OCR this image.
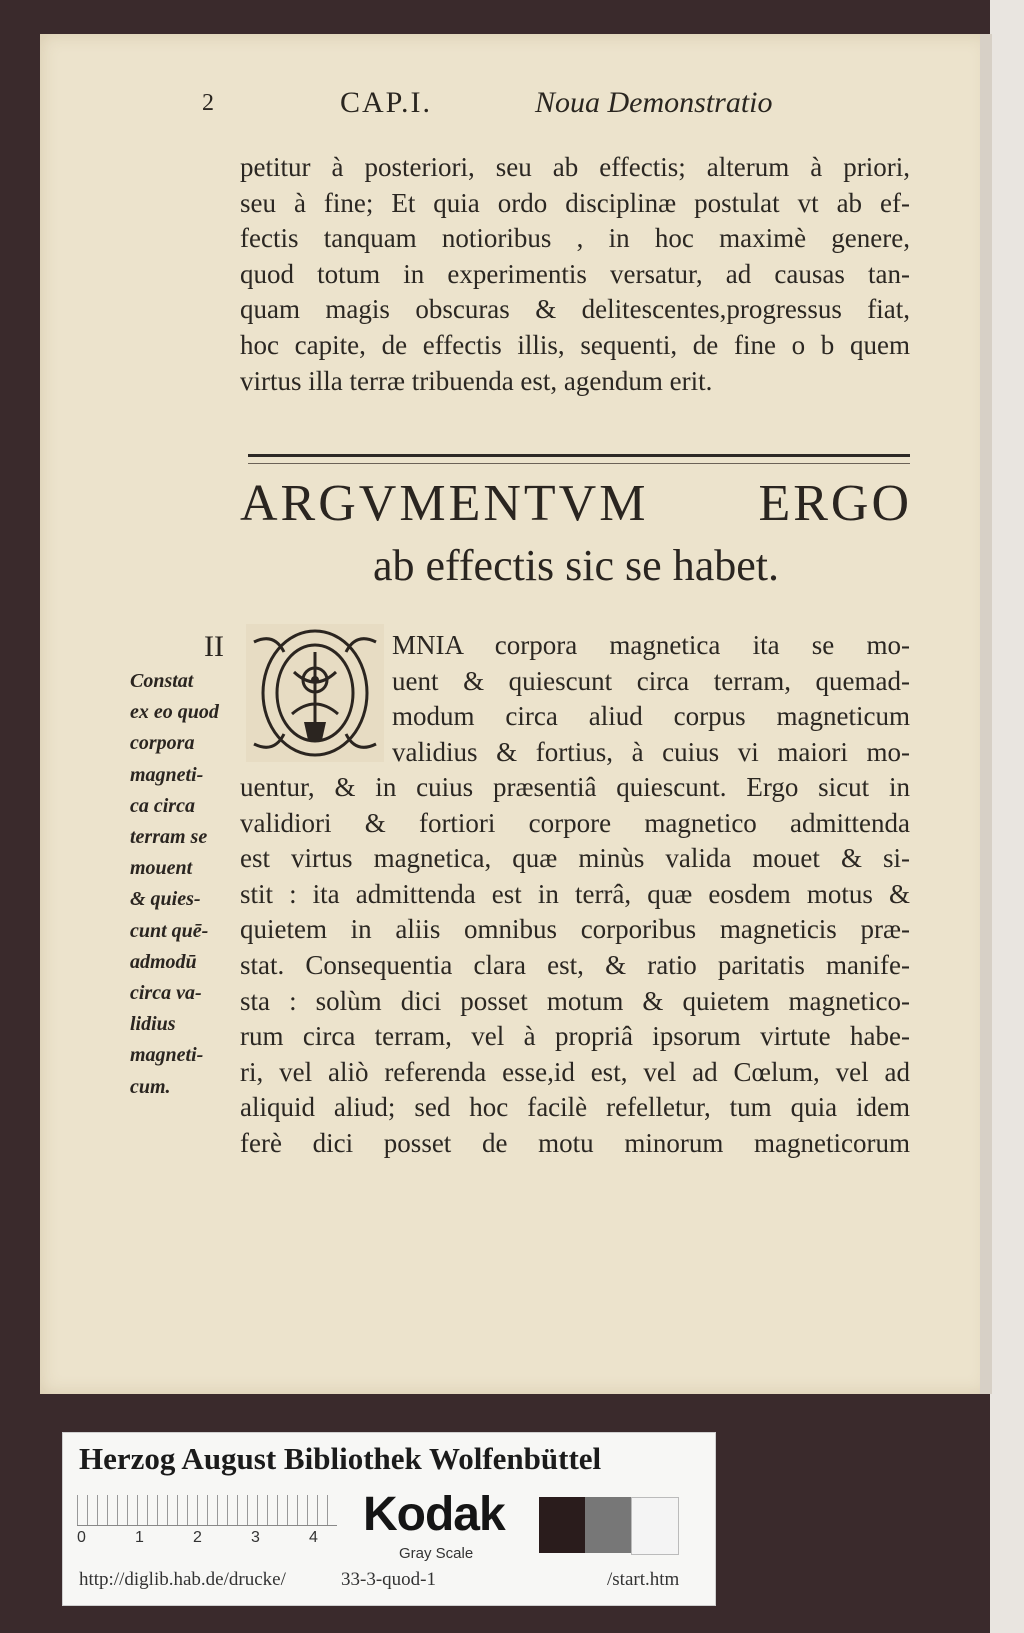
2	CAP.I.	Noua Demonstratio
petitur à posteriori, seu ab effectis; alterum à priori,
seu à fine; Et quia ordo disciplinæ postulat vt ab ef-
fectis tanquam notioribus , in hoc maximè genere,
quod totum in experimentis versatur, ad causas tan-
quam magis obscuras & delitescentes,progressus fiat,
hoc capite, de effectis illis, sequenti, de fine o b quem
virtus illa terræ tribuenda est, agendum erit.
ARGVMENTVM ERGO
ab effectis sic se habet.
II	MNIA corpora magnetica ita se mo-
uent & quiescunt circa terram, quemad-
modum circa aliud corpus magneticum
validius & fortius, à cuius vi maiori mo-
uentur, & in cuius præsentiâ quiescunt. Ergo sicut in
validiori & fortiori corpore magnetico admittenda
est virtus magnetica, quæ minùs valida mouet & si-
stit : ita admittenda est in terrâ, quæ eosdem motus &
quietem in aliis omnibus corporibus magneticis præ-
stat. Consequentia clara est, & ratio paritatis manife-
sta : solùm dici posset motum & quietem magnetico-
rum circa terram, vel à propriâ ipsorum virtute habe-
ri, vel aliò referenda esse,id est, vel ad Cœlum, vel ad
aliquid aliud; sed hoc facilè refelletur, tum quia idem
ferè dici posset de motu minorum magneticorum
Constat
ex eo quod
corpora
magneti-
ca circa
terram se
mouent
& quies-
cunt quē-
admodū
circa va-
lidius
magneti-
cum.
Herzog August Bibliothek Wolfenbüttel
0	1	2	3	4 Kodak
Gray Scale
http://diglib.hab.de/drucke/	33-3-quod-1	/start.htm
